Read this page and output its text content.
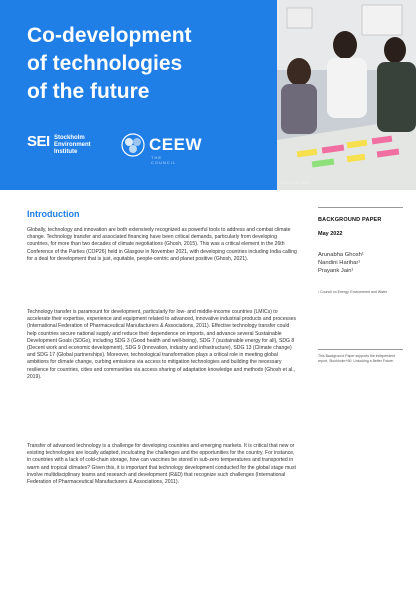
Co-development
of technologies
of the future
SEI Stockholm Environment Institute	CEEW
THE COUNCIL
Photo: Flickr / ILRI
Introduction

Globally, technology and innovation are both extensively recognized as powerful tools to address and combat climate change. Technology transfer and associated financing have been critical demands, particularly from developing countries, for more than two decades of climate negotiations (Ghosh, 2015). This was a critical element in the 26th Conference of the Parties (COP26) held in Glasgow in November 2021, with developing countries including India calling for a deal for development that is just, equitable, people-centric and planet positive (Ghosh, 2021).

Technology transfer is paramount for development, particularly for low- and middle-income countries (LMICs) to accelerate their expertise, experience and equipment related to advanced, innovative industrial products and processes (International Federation of Pharmaceutical Manufacturers & Associations, 2011). Effective technology transfer could help countries secure national supply and reduce their dependence on imports, and advance several Sustainable Development Goals (SDGs), including SDG 3 (Good health and well-being), SDG 7 (sustainable energy for all), SDG 8 (Decent work and economic development), SDG 9 (Innovation, industry and infrastructure), SDG 13 (Climate change) and SDG 17 (Global partnerships). Moreover, technological transformation plays a critical role in meeting global ambitions for climate change, curbing emissions via access to mitigation technologies and building the necessary resilience for countries, cities and communities via access sharing of adaptation knowledge and methods (Ghosh et al., 2019).

Transfer of advanced technology is a challenge for developing countries and emerging markets. It is critical that new or existing technologies are locally adapted, inculcating the challenges and the opportunities for the country. For instance, in countries with a lack of cold-chain storage, how can vaccines be stored in sub-zero temperatures and transported in warm and tropical climates? Given this, it is important that technology development conducted for the global stage must involve multidisciplinary teams and research and development (R&D) that recognize such challenges (International Federation of Pharmaceutical Manufacturers & Associations, 2011).

BACKGROUND PAPER
May 2022
Arunabha Ghosh¹
Nandini Harihar¹
Prayank Jain¹
¹ Council on Energy, Environment and Water
This Background Paper supports the independent report, Stockholm+50: Unlocking a Better Future.
